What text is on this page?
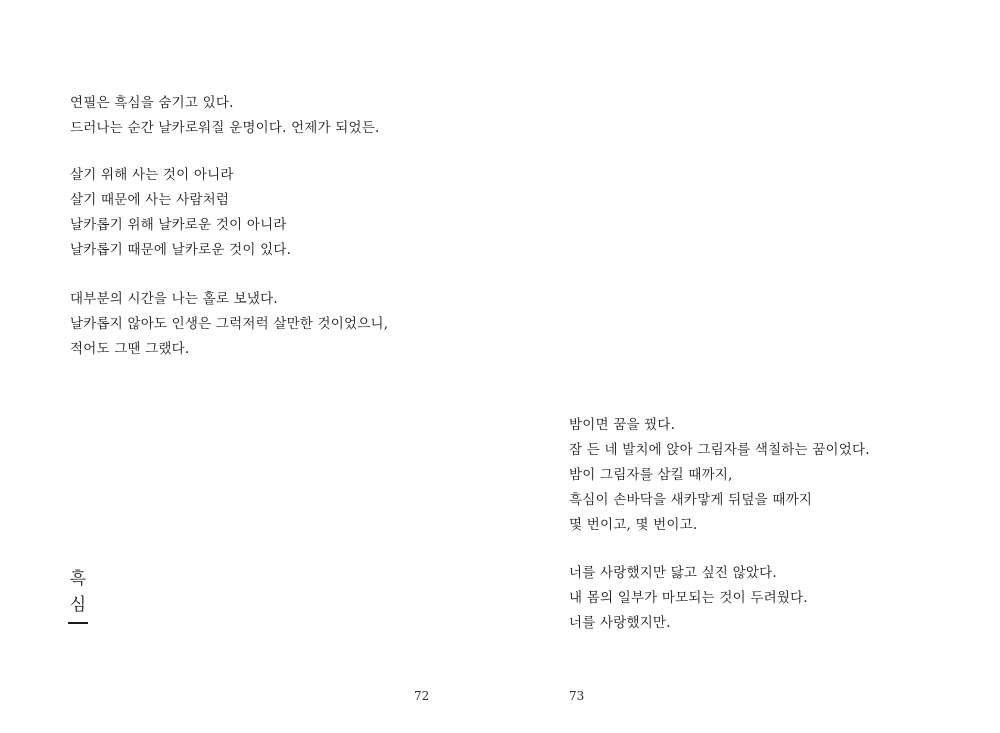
연필은 흑심을 숨기고 있다.
드러나는 순간 날카로워질 운명이다. 언제가 되었든.
살기 위해 사는 것이 아니라
살기 때문에 사는 사람처럼
날카롭기 위해 날카로운 것이 아니라
날카롭기 때문에 날카로운 것이 있다.
대부분의 시간을 나는 홀로 보냈다.
날카롭지 않아도 인생은 그럭저럭 살만한 것이었으니,
적어도 그땐 그랬다.
흑
심
72
밤이면 꿈을 꿨다.
잠 든 네 발치에 앉아 그림자를 색칠하는 꿈이었다.
밤이 그림자를 삼킬 때까지,
흑심이 손바닥을 새카맣게 뒤덮을 때까지
몇 번이고, 몇 번이고.
너를 사랑했지만 닳고 싶진 않았다.
내 몸의 일부가 마모되는 것이 두려웠다.
너를 사랑했지만.
73
